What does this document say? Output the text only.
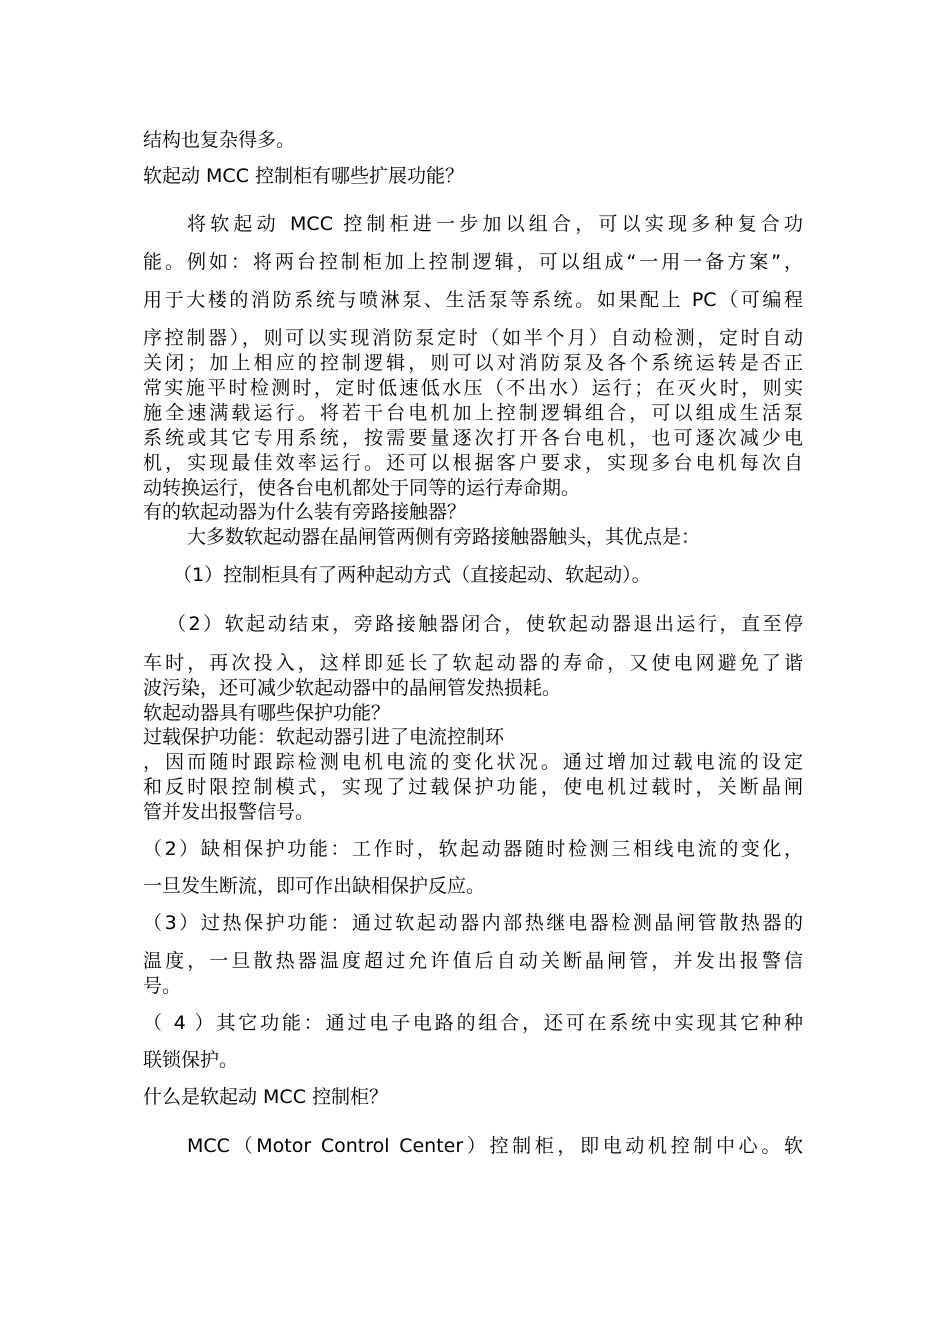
结构也复杂得多。
软起动 MCC 控制柜有哪些扩展功能？
将软起动 MCC 控制柜进一步加以组合，可以实现多种复合功
能。例如：将两台控制柜加上控制逻辑，可以组成“一用一备方案”，
用于大楼的消防系统与喷淋泵、生活泵等系统。如果配上 PC（可编程
序控制器），则可以实现消防泵定时（如半个月）自动检测，定时自动
关闭；加上相应的控制逻辑，则可以对消防泵及各个系统运转是否正
常实施平时检测时，定时低速低水压（不出水）运行；在灭火时，则实
施全速满载运行。将若干台电机加上控制逻辑组合，可以组成生活泵
系统或其它专用系统，按需要量逐次打开各台电机，也可逐次减少电
机，实现最佳效率运行。还可以根据客户要求，实现多台电机每次自
动转换运行，使各台电机都处于同等的运行寿命期。
有的软起动器为什么装有旁路接触器？
大多数软起动器在晶闸管两侧有旁路接触器触头，其优点是：
（1）控制柜具有了两种起动方式（直接起动、软起动）。
（2）软起动结束，旁路接触器闭合，使软起动器退出运行，直至停
车时，再次投入，这样即延长了软起动器的寿命，又使电网避免了谐
波污染，还可减少软起动器中的晶闸管发热损耗。
软起动器具有哪些保护功能？
过载保护功能：软起动器引进了电流控制环
，因而随时跟踪检测电机电流的变化状况。通过增加过载电流的设定
和反时限控制模式，实现了过载保护功能，使电机过载时，关断晶闸
管并发出报警信号。
（2）缺相保护功能：工作时，软起动器随时检测三相线电流的变化，
一旦发生断流，即可作出缺相保护反应。
（3）过热保护功能：通过软起动器内部热继电器检测晶闸管散热器的
温度，一旦散热器温度超过允许值后自动关断晶闸管，并发出报警信
号。
（ 4 ）其它功能：通过电子电路的组合，还可在系统中实现其它种种
联锁保护。
什么是软起动 MCC 控制柜？
MCC（Motor Control Center）控制柜，即电动机控制中心。软
